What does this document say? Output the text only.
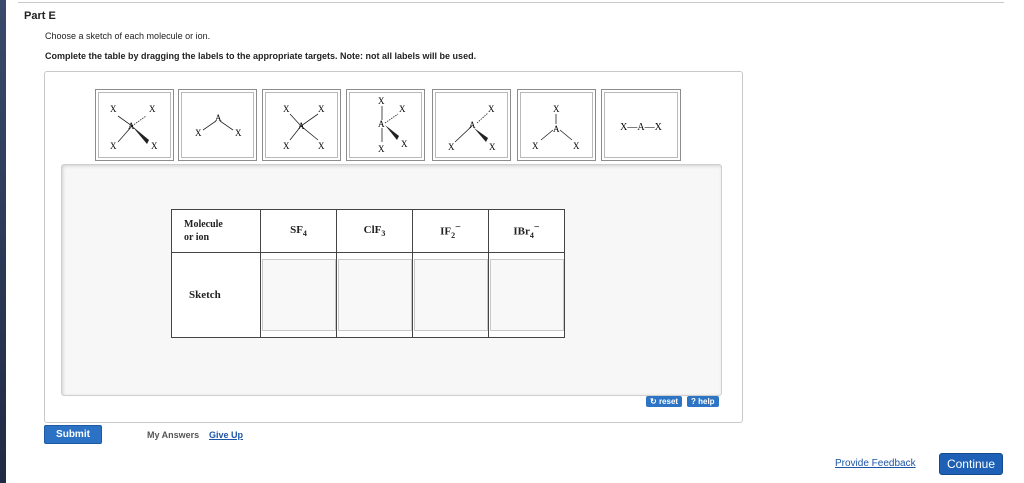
Part E
Choose a sketch of each molecule or ion.
Complete the table by dragging the labels to the appropriate targets. Note: not all labels will be used.
X	X
A
X	X
A
X	X
X	X
A
X	X
X
X
A
X
X
A
X
X	X
X
A
X	X
X—A—X
Molecule
or ion	$SF_4$	ClF$_3$	$IF_2^-$	IBr$_4$−
Sketch	

↻ reset	? help
Submit	My Answers Give Up
Provide Feedback	Continue
